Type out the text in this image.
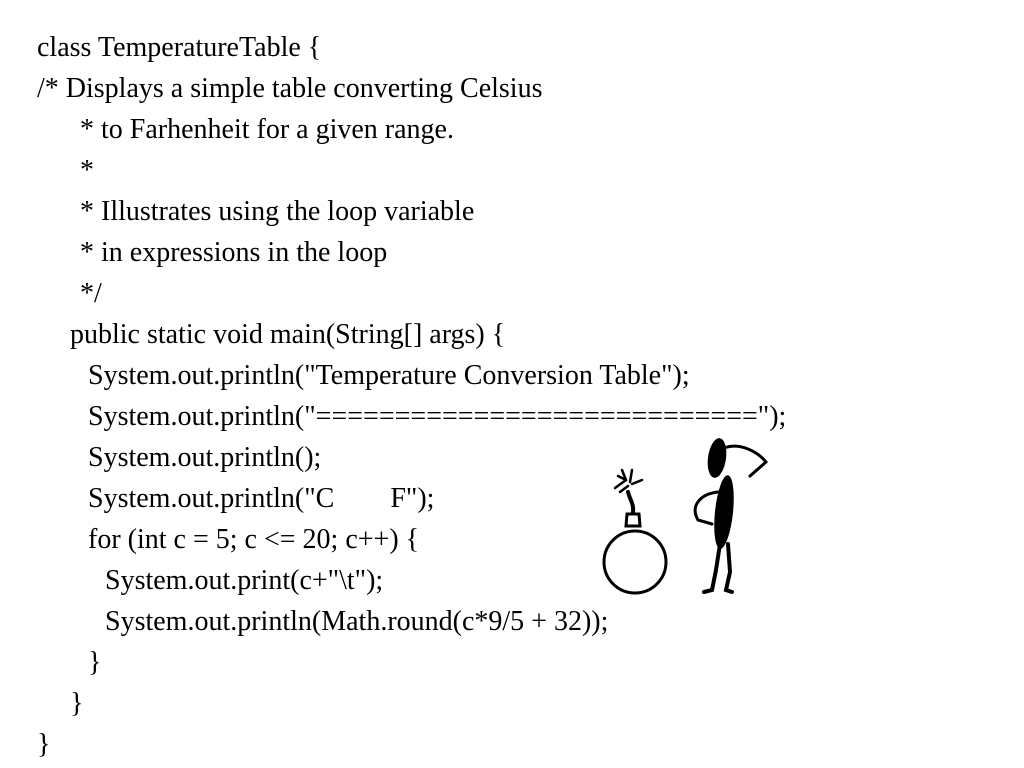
class TemperatureTable {
/* Displays a simple table converting Celsius
* to Farhenheit for a given range.
*
* Illustrates using the loop variable
* in expressions in the loop
*/
public static void main(String[] args) {
System.out.println("Temperature Conversion Table");
System.out.println("============================");
System.out.println();
System.out.println("C        F");
for (int c = 5; c <= 20; c++) {
System.out.print(c+"\t");
System.out.println(Math.round(c*9/5 + 32));
}
}
}
